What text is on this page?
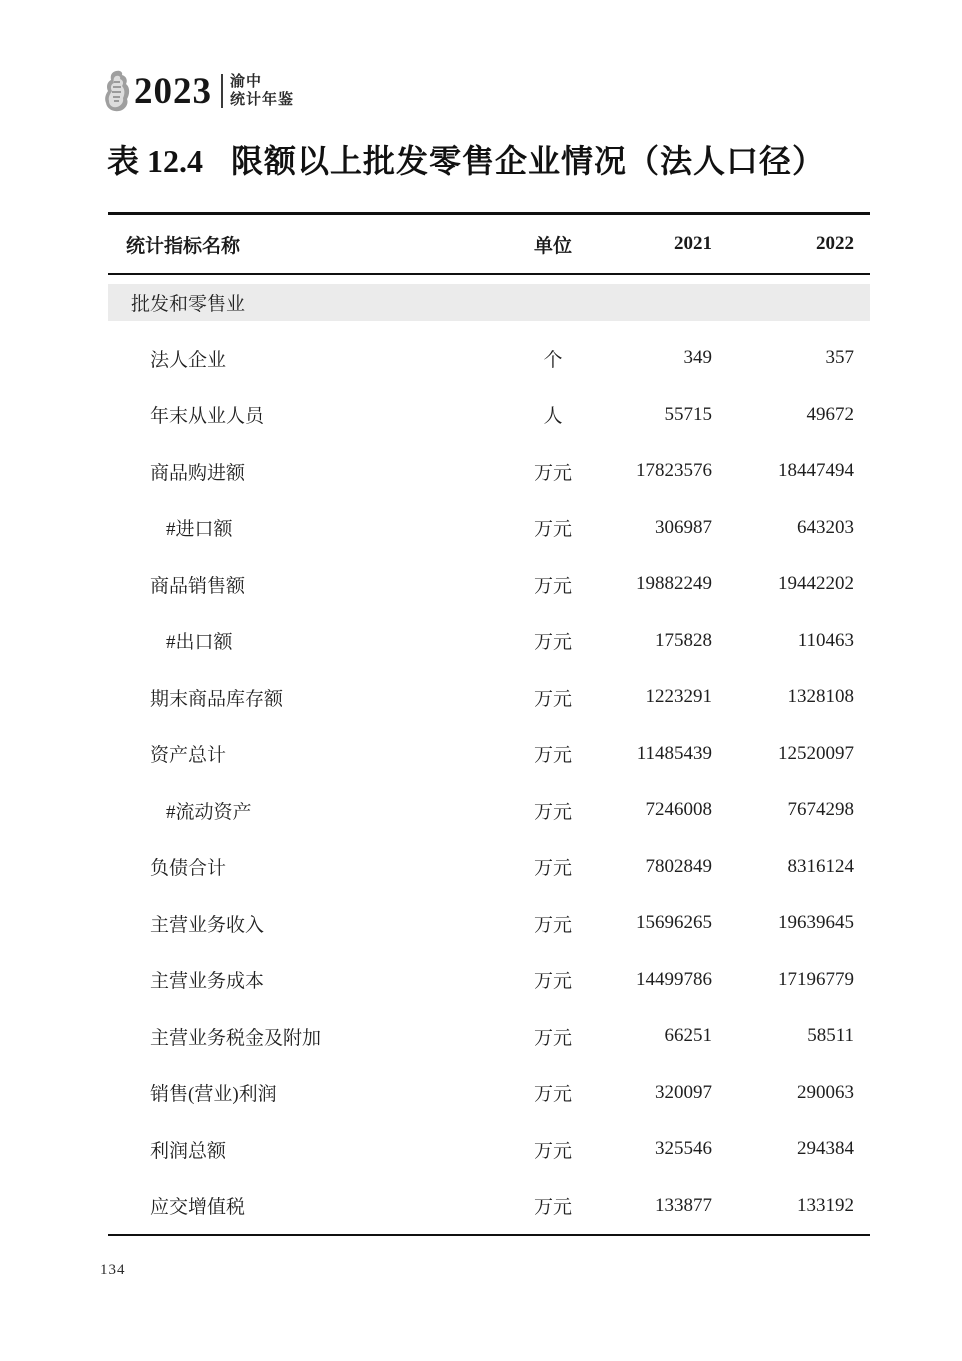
2023 渝中
统计年鉴
表 12.4 限额以上批发零售企业情况（法人口径）
统计指标名称	单位	2021	2022
批发和零售业
法人企业	个	349	357
年末从业人员	人	55715	49672
商品购进额	万元	17823576	18447494
#进口额	万元	306987	643203
商品销售额	万元	19882249	19442202
#出口额	万元	175828	110463
期末商品库存额	万元	1223291	1328108
资产总计	万元	11485439	12520097
#流动资产	万元	7246008	7674298
负债合计	万元	7802849	8316124
主营业务收入	万元	15696265	19639645
主营业务成本	万元	14499786	17196779
主营业务税金及附加	万元	66251	58511
销售(营业)利润	万元	320097	290063
利润总额	万元	325546	294384
应交增值税	万元	133877	133192
134
